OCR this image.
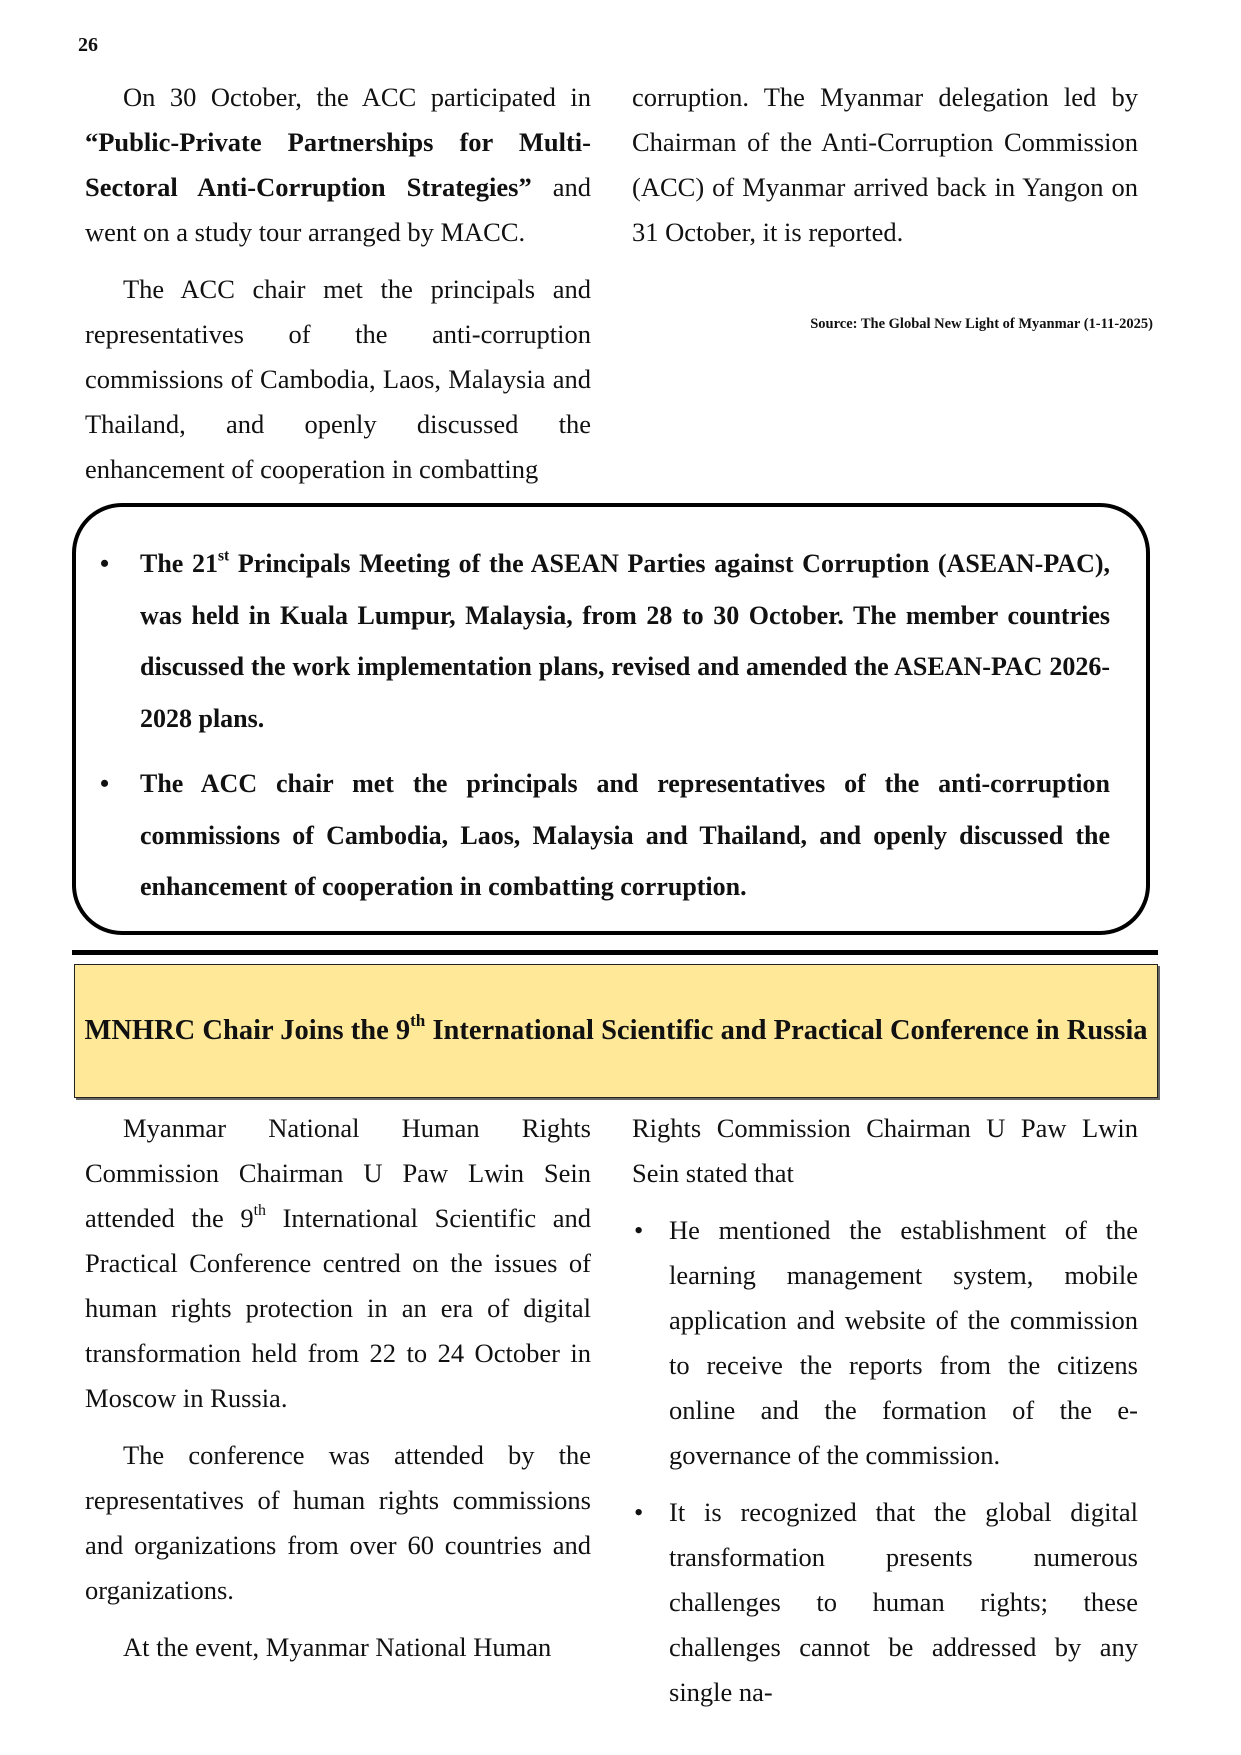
26

On 30 October, the ACC participated in “Public-Private Partnerships for Multi-Sectoral Anti-Corruption Strategies” and went on a study tour arranged by MACC.

The ACC chair met the principals and representatives of the anti-corruption commissions of Cambodia, Laos, Malaysia and Thailand, and openly discussed the enhancement of cooperation in combatting

corruption. The Myanmar delegation led by Chairman of the Anti-Corruption Commission (ACC) of Myanmar arrived back in Yangon on 31 October, it is reported.

Source: The Global New Light of Myanmar (1-11-2025)
• The 21st Principals Meeting of the ASEAN Parties against Corruption (ASEAN-PAC), was held in Kuala Lumpur, Malaysia, from 28 to 30 October. The member countries discussed the work implementation plans, revised and amended the ASEAN-PAC 2026-2028 plans.
• The ACC chair met the principals and representatives of the anti-corruption commissions of Cambodia, Laos, Malaysia and Thailand, and openly discussed the enhancement of cooperation in combatting corruption.
MNHRC Chair Joins the 9th International Scientific and Practical Conference in Russia

Myanmar National Human Rights Commission Chairman U Paw Lwin Sein attended the 9th International Scientific and Practical Conference centred on the issues of human rights protection in an era of digital transformation held from 22 to 24 October in Moscow in Russia.

The conference was attended by the representatives of human rights commissions and organizations from over 60 countries and organizations.

At the event, Myanmar National Human

Rights Commission Chairman U Paw Lwin Sein stated that

• He mentioned the establishment of the learning management system, mobile application and website of the commission to receive the reports from the citizens online and the formation of the e-governance of the commission.
• It is recognized that the global digital transformation presents numerous challenges to human rights; these challenges cannot be addressed by any single na-
